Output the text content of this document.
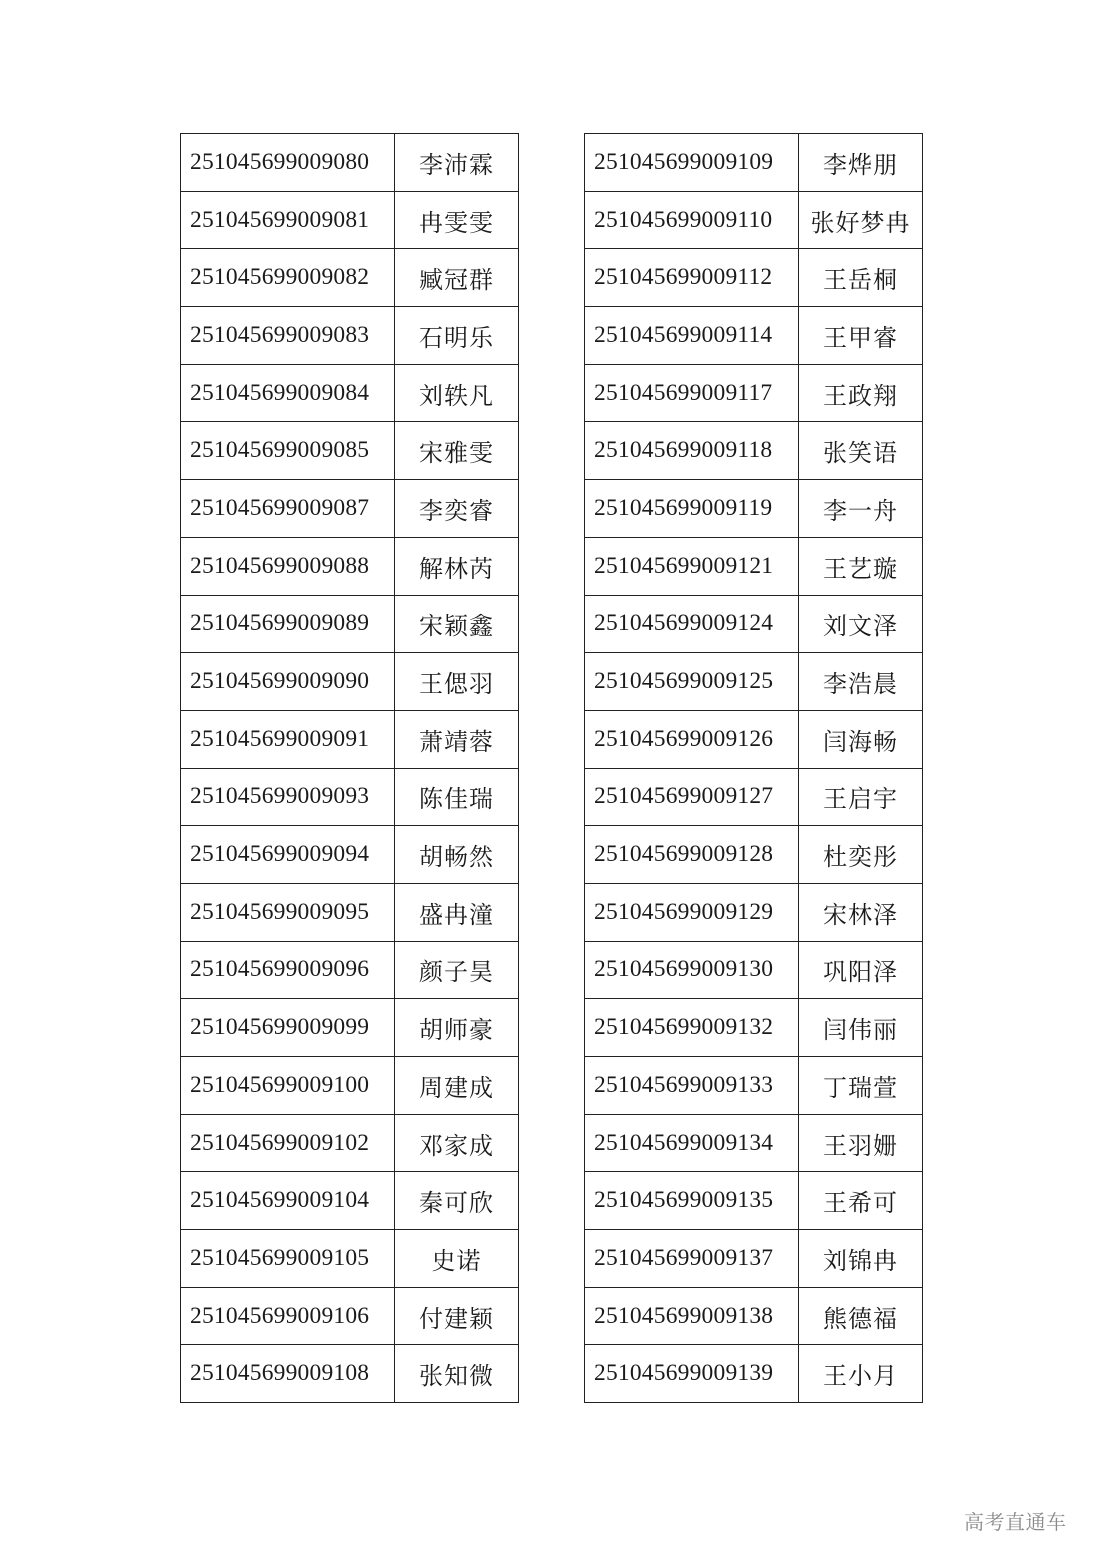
251045699009080	李沛霖
251045699009081	冉雯雯
251045699009082	臧冠群
251045699009083	石明乐
251045699009084	刘轶凡
251045699009085	宋雅雯
251045699009087	李奕睿
251045699009088	解林芮
251045699009089	宋颖鑫
251045699009090	王偲羽
251045699009091	萧靖蓉
251045699009093	陈佳瑞
251045699009094	胡畅然
251045699009095	盛冉潼
251045699009096	颜子昊
251045699009099	胡师豪
251045699009100	周建成
251045699009102	邓家成
251045699009104	秦可欣
251045699009105	史诺
251045699009106	付建颖
251045699009108	张知微
251045699009109	李烨朋
251045699009110	张好梦冉
251045699009112	王岳桐
251045699009114	王甲睿
251045699009117	王政翔
251045699009118	张笑语
251045699009119	李一舟
251045699009121	王艺璇
251045699009124	刘文泽
251045699009125	李浩晨
251045699009126	闫海畅
251045699009127	王启宇
251045699009128	杜奕彤
251045699009129	宋林泽
251045699009130	巩阳泽
251045699009132	闫伟丽
251045699009133	丁瑞萱
251045699009134	王羽姗
251045699009135	王希可
251045699009137	刘锦冉
251045699009138	熊德福
251045699009139	王小月
高考直通车
